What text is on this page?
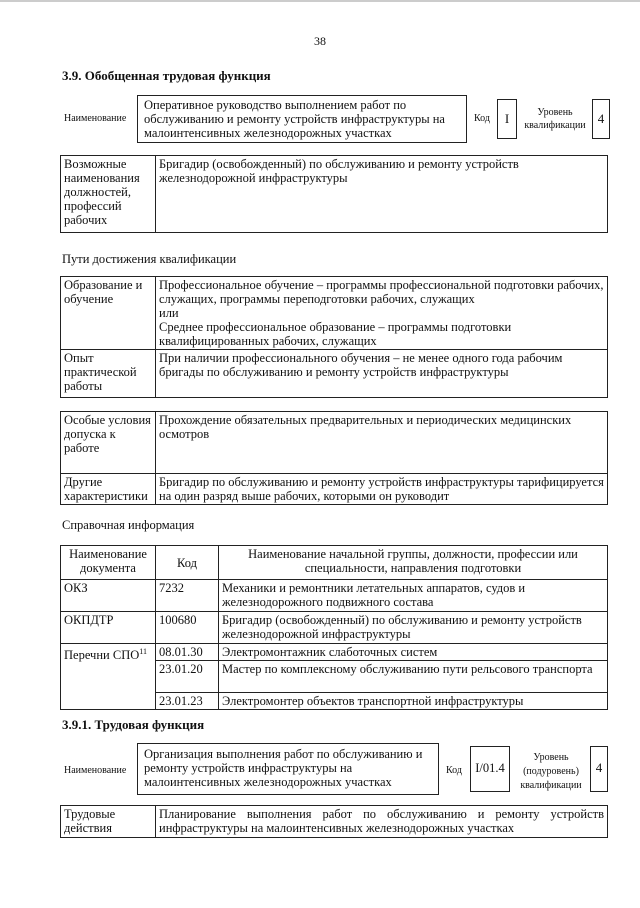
38
3.9. Обобщенная трудовая функция
Наименование
Оперативное руководство выполнением работ по обслуживанию и ремонту устройств инфраструктуры на малоинтенсивных железнодорожных участках
Код	I	Уровень квалификации 4
Возможные наименования должностей, профессий рабочих	Бригадир (освобожденный) по обслуживанию и ремонту устройств железнодорожной инфраструктуры
Пути достижения квалификации
Образование и обучение	Профессиональное обучение – программы профессиональной подготовки рабочих, служащих, программы переподготовки рабочих, служащих
или
Среднее профессиональное образование – программы подготовки квалифицированных рабочих, служащих
Опыт практической работы	При наличии профессионального обучения – не менее одного года рабочим бригады по обслуживанию и ремонту устройств инфраструктуры
Особые условия допуска к работе	Прохождение обязательных предварительных и периодических медицинских осмотров
Другие характеристики	Бригадир по обслуживанию и ремонту устройств инфраструктуры тарифицируется на один разряд выше рабочих, которыми он руководит
Справочная информация
Наименование документа	Код	Наименование начальной группы, должности, профессии или специальности, направления подготовки
ОКЗ	7232	Механики и ремонтники летательных аппаратов, судов и железнодорожного подвижного состава
ОКПДТР	100680	Бригадир (освобожденный) по обслуживанию и ремонту устройств железнодорожной инфраструктуры
Перечни СПО$^{11}$	08.01.30	Электромонтажник слаботочных систем
	23.01.20	Мастер по комплексному обслуживанию пути рельсового транспорта
	23.01.23	Электромонтер объектов транспортной инфраструктуры
3.9.1. Трудовая функция
Наименование
Организация выполнения работ по обслуживанию и ремонту устройств инфраструктуры на малоинтенсивных железнодорожных участках
Код	I/01.4
Уровень (подуровень) квалификации
4
Трудовые действия	Планирование выполнения работ по обслуживанию и ремонту устройств инфраструктуры на малоинтенсивных железнодорожных участках
